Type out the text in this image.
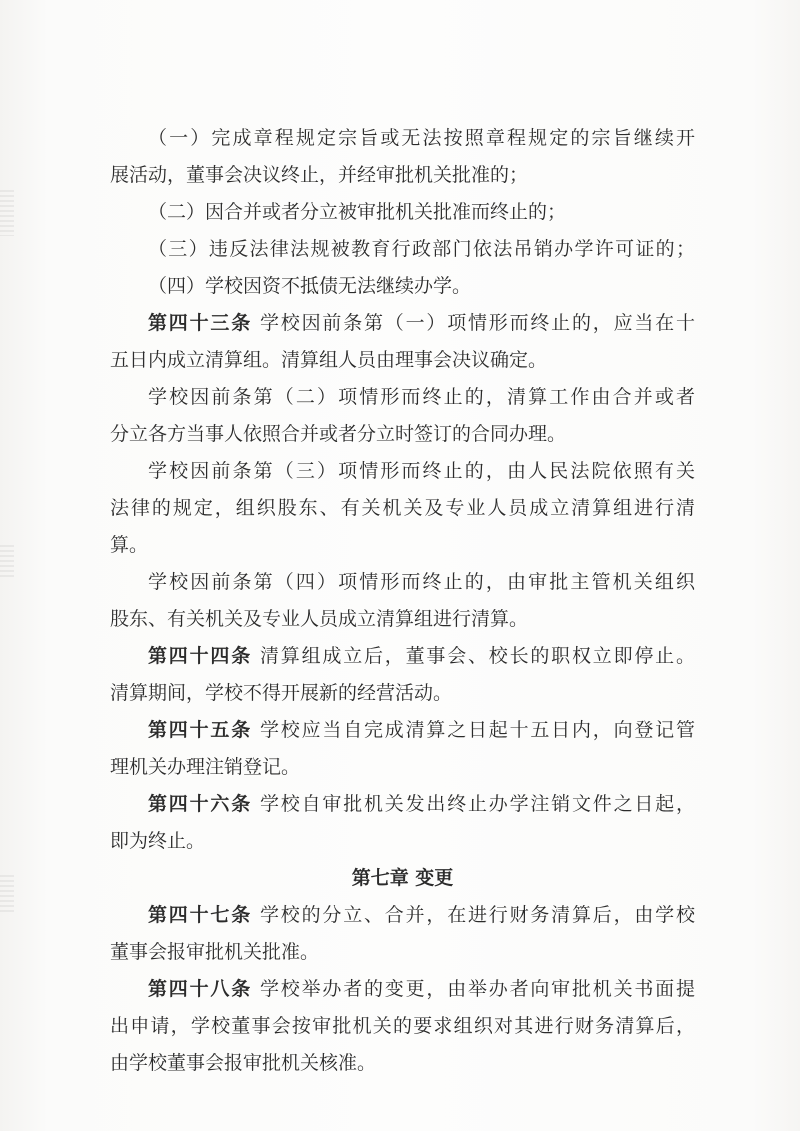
（一）完成章程规定宗旨或无法按照章程规定的宗旨继续开
展活动，董事会决议终止，并经审批机关批准的；
（二）因合并或者分立被审批机关批准而终止的；
（三）违反法律法规被教育行政部门依法吊销办学许可证的；
（四）学校因资不抵债无法继续办学。
第四十三条 学校因前条第（一）项情形而终止的，应当在十
五日内成立清算组。清算组人员由理事会决议确定。
学校因前条第（二）项情形而终止的，清算工作由合并或者
分立各方当事人依照合并或者分立时签订的合同办理。
学校因前条第（三）项情形而终止的，由人民法院依照有关
法律的规定，组织股东、有关机关及专业人员成立清算组进行清
算。
学校因前条第（四）项情形而终止的，由审批主管机关组织
股东、有关机关及专业人员成立清算组进行清算。
第四十四条 清算组成立后，董事会、校长的职权立即停止。
清算期间，学校不得开展新的经营活动。
第四十五条 学校应当自完成清算之日起十五日内，向登记管
理机关办理注销登记。
第四十六条 学校自审批机关发出终止办学注销文件之日起，
即为终止。
第七章 变更
第四十七条 学校的分立、合并，在进行财务清算后，由学校
董事会报审批机关批准。
第四十八条 学校举办者的变更，由举办者向审批机关书面提
出申请，学校董事会按审批机关的要求组织对其进行财务清算后，
由学校董事会报审批机关核准。
